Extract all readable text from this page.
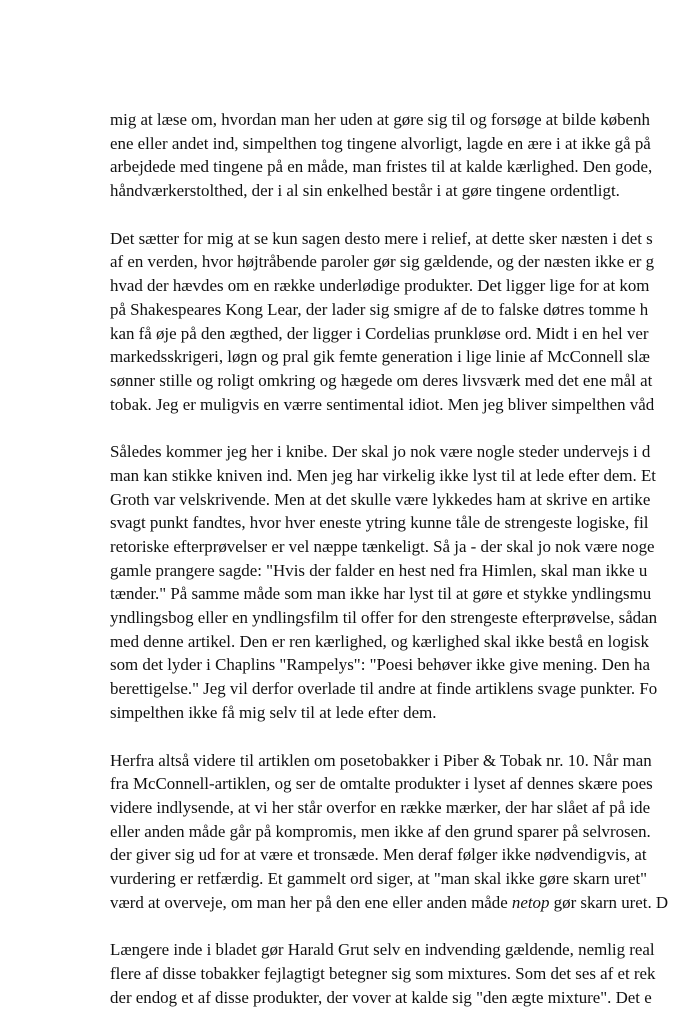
mig at læse om, hvordan man her uden at gøre sig til og forsøge at bilde københ
ene eller andet ind, simpelthen tog tingene alvorligt, lagde en ære i at ikke gå på
arbejdede med tingene på en måde, man fristes til at kalde kærlighed. Den gode,
håndværkerstolthed, der i al sin enkelhed består i at gøre tingene ordentligt.

Det sætter for mig at se kun sagen desto mere i relief, at dette sker næsten i det s
af en verden, hvor højtråbende paroler gør sig gældende, og der næsten ikke er g
hvad der hævdes om en række underlødige produkter. Det ligger lige for at kom
på Shakespeares Kong Lear, der lader sig smigre af de to falske døtres tomme h
kan få øje på den ægthed, der ligger i Cordelias prunkløse ord. Midt i en hel ver
markedsskrigeri, løgn og pral gik femte generation i lige linie af McConnell slæ
sønner stille og roligt omkring og hægede om deres livsværk med det ene mål at
tobak. Jeg er muligvis en værre sentimental idiot. Men jeg bliver simpelthen våd

Således kommer jeg her i knibe. Der skal jo nok være nogle steder undervejs i d
man kan stikke kniven ind. Men jeg har virkelig ikke lyst til at lede efter dem. Et
Groth var velskrivende. Men at det skulle være lykkedes ham at skrive en artike
svagt punkt fandtes, hvor hver eneste ytring kunne tåle de strengeste logiske, fil
retoriske efterprøvelser er vel næppe tænkeligt. Så ja - der skal jo nok være noge
gamle prangere sagde: "Hvis der falder en hest ned fra Himlen, skal man ikke u
tænder." På samme måde som man ikke har lyst til at gøre et stykke yndlingsmu
yndlingsbog eller en yndlingsfilm til offer for den strengeste efterprøvelse, sådan
med denne artikel. Den er ren kærlighed, og kærlighed skal ikke bestå en logisk
som det lyder i Chaplins "Rampelys": "Poesi behøver ikke give mening. Den ha
berettigelse." Jeg vil derfor overlade til andre at finde artiklens svage punkter. Fo
simpelthen ikke få mig selv til at lede efter dem.

Herfra altså videre til artiklen om posetobakker i Piber & Tobak nr. 10. Når man
fra McConnell-artiklen, og ser de omtalte produkter i lyset af dennes skære poes
videre indlysende, at vi her står overfor en række mærker, der har slået af på ide
eller anden måde går på kompromis, men ikke af den grund sparer på selvrosen.
der giver sig ud for at være et tronsæde. Men deraf følger ikke nødvendigvis, at
vurdering er retfærdig. Et gammelt ord siger, at "man skal ikke gøre skarn uret"
værd at overveje, om man her på den ene eller anden måde netop gør skarn uret. D

Længere inde i bladet gør Harald Grut selv en indvending gældende, nemlig real
flere af disse tobakker fejlagtigt betegner sig som mixtures. Som det ses af et rek
der endog et af disse produkter, der vover at kalde sig "den ægte mixture". Det e
